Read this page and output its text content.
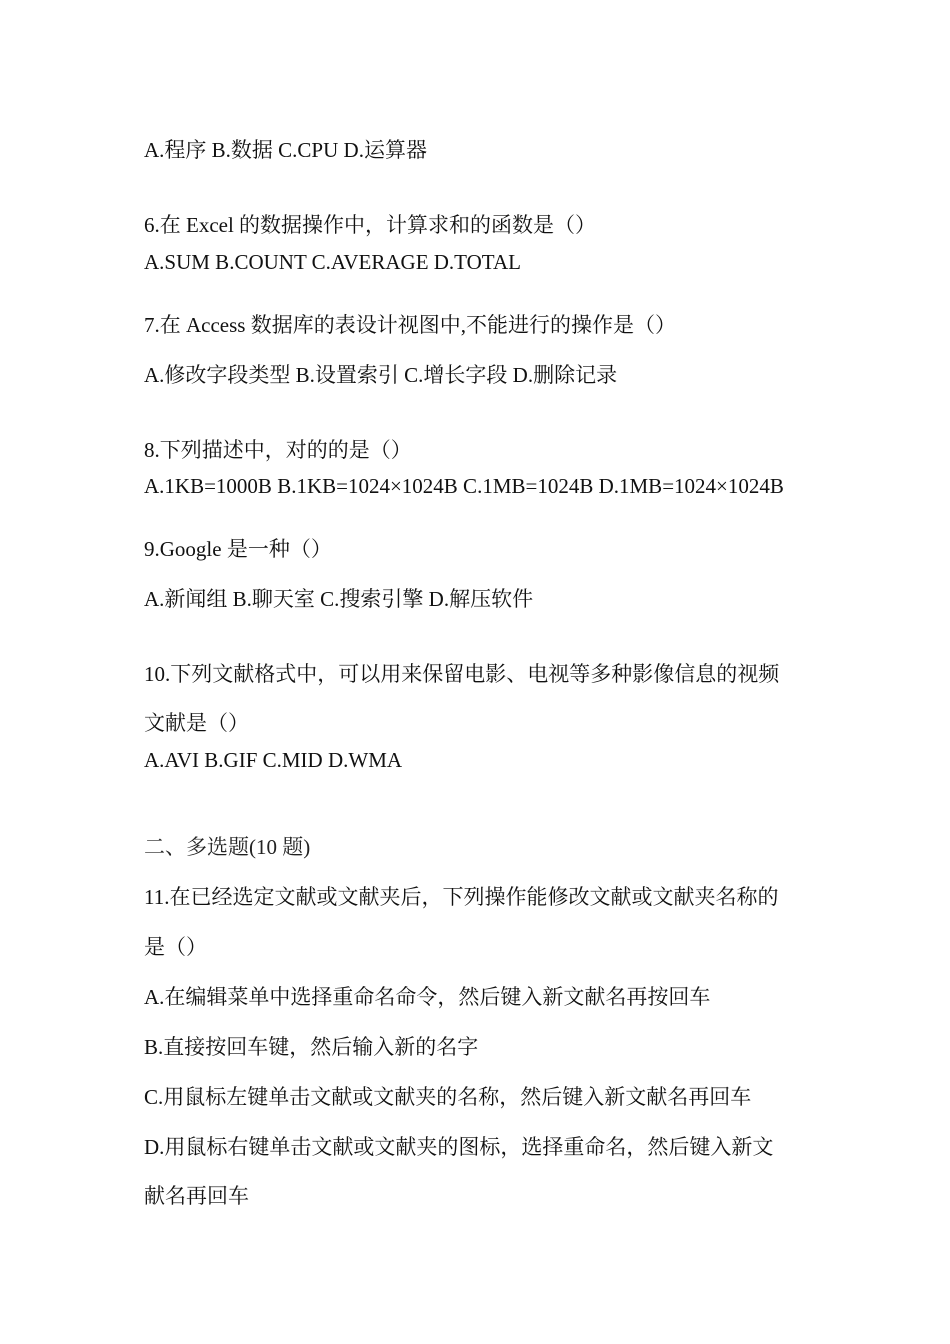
A.程序 B.数据 C.CPU D.运算器
6.在 Excel 的数据操作中，计算求和的函数是（）
A.SUM B.COUNT C.AVERAGE D.TOTAL
7.在 Access 数据库的表设计视图中,不能进行的操作是（）
A.修改字段类型 B.设置索引 C.增长字段 D.删除记录
8.下列描述中，对的的是（）
A.1KB=1000B B.1KB=1024×1024B C.1MB=1024B D.1MB=1024×1024B
9.Google 是一种（）
A.新闻组 B.聊天室 C.搜索引擎 D.解压软件
10.下列文献格式中，可以用来保留电影、电视等多种影像信息的视频
文献是（）
A.AVI B.GIF C.MID D.WMA
二、多选题(10 题)
11.在已经选定文献或文献夹后，下列操作能修改文献或文献夹名称的
是（）
A.在编辑菜单中选择重命名命令，然后键入新文献名再按回车
B.直接按回车键，然后输入新的名字
C.用鼠标左键单击文献或文献夹的名称，然后键入新文献名再回车
D.用鼠标右键单击文献或文献夹的图标，选择重命名，然后键入新文
献名再回车
